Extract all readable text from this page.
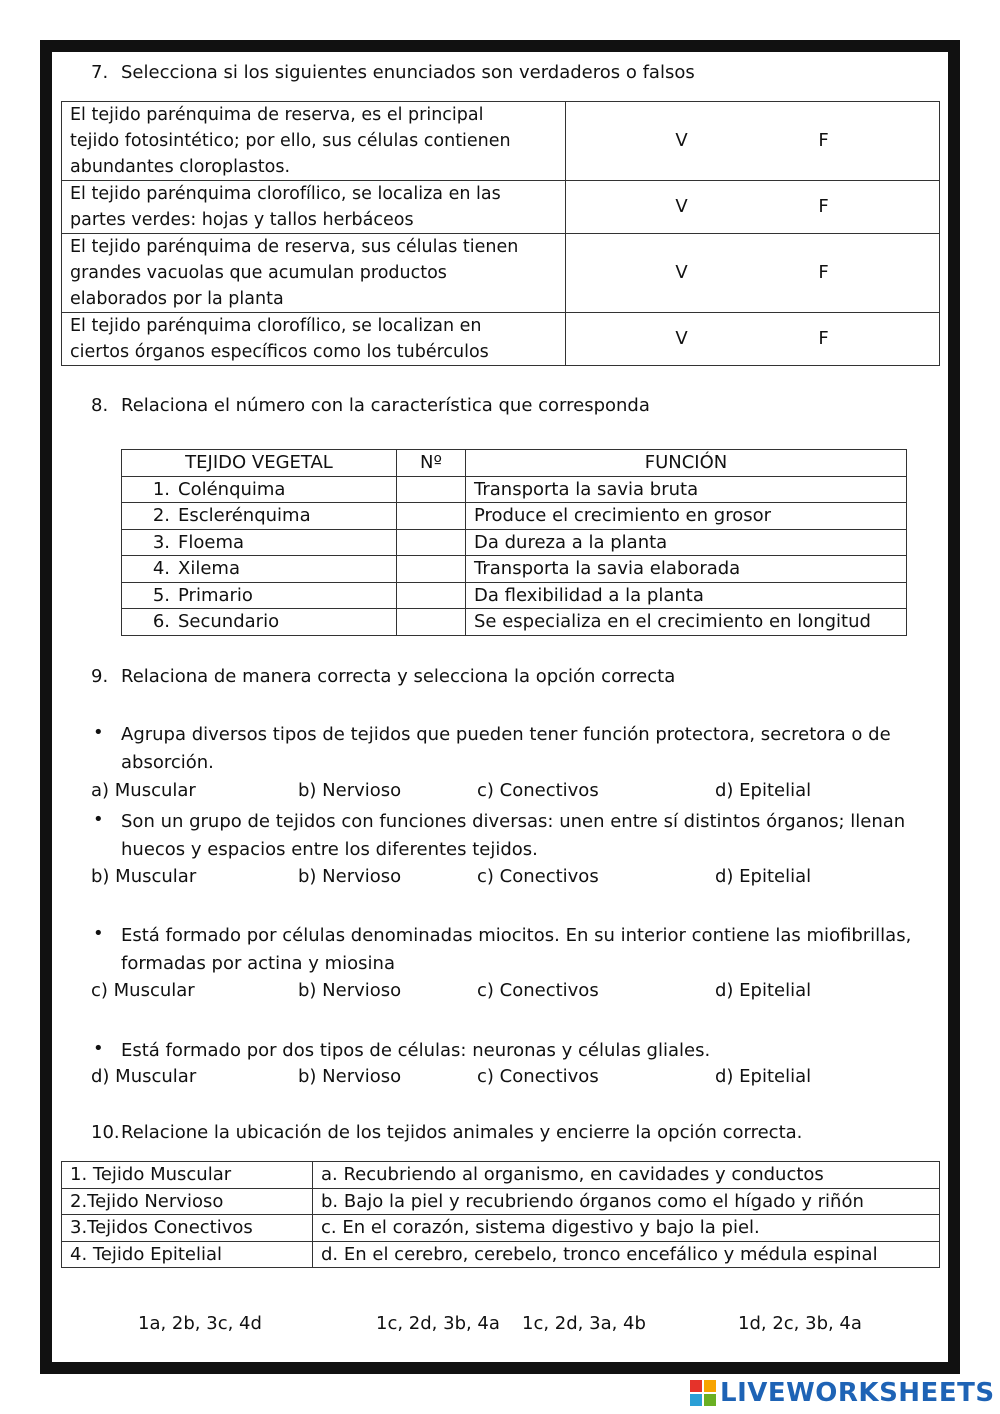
7. Selecciona si los siguientes enunciados son verdaderos o falsos
El tejido parénquima de reserva, es el principal
tejido fotosintético; por ello, sus células contienen
abundantes cloroplastos.	V F

El tejido parénquima clorofílico, se localiza en las
partes verdes: hojas y tallos herbáceos	V F

El tejido parénquima de reserva, sus células tienen
grandes vacuolas que acumulan productos
elaborados por la planta	V F

El tejido parénquima clorofílico, se localizan en
ciertos órganos específicos como los tubérculos	V F
8. Relaciona el número con la característica que corresponda
TEJIDO VEGETAL	Nº	FUNCIÓN
1. Colénquima		Transporta la savia bruta
2. Esclerénquima		Produce el crecimiento en grosor
3. Floema		Da dureza a la planta
4. Xilema		Transporta la savia elaborada
5. Primario		Da flexibilidad a la planta
6. Secundario		Se especializa en el crecimiento en longitud
9. Relaciona de manera correcta y selecciona la opción correcta
• Agrupa diversos tipos de tejidos que pueden tener función protectora, secretora o de absorción.
a) Muscular	b) Nervioso	c) Conectivos	d) Epitelial
• Son un grupo de tejidos con funciones diversas: unen entre sí distintos órganos; llenan huecos y espacios entre los diferentes tejidos.
b) Muscular	b) Nervioso	c) Conectivos	d) Epitelial
• Está formado por células denominadas miocitos. En su interior contiene las miofibrillas, formadas por actina y miosina
c) Muscular	b) Nervioso	c) Conectivos	d) Epitelial
• Está formado por dos tipos de células: neuronas y células gliales.
d) Muscular	b) Nervioso	c) Conectivos	d) Epitelial
10.Relacione la ubicación de los tejidos animales y encierre la opción correcta.
1. Tejido Muscular	a. Recubriendo al organismo, en cavidades y conductos
2.Tejido Nervioso	b. Bajo la piel y recubriendo órganos como el hígado y riñón
3.Tejidos Conectivos	c. En el corazón, sistema digestivo y bajo la piel.
4. Tejido Epitelial	d. En el cerebro, cerebelo, tronco encefálico y médula espinal
1a, 2b, 3c, 4d	1c, 2d, 3b, 4a 1c, 2d, 3a, 4b	1d, 2c, 3b, 4a
LIVEWORKSHEETS
